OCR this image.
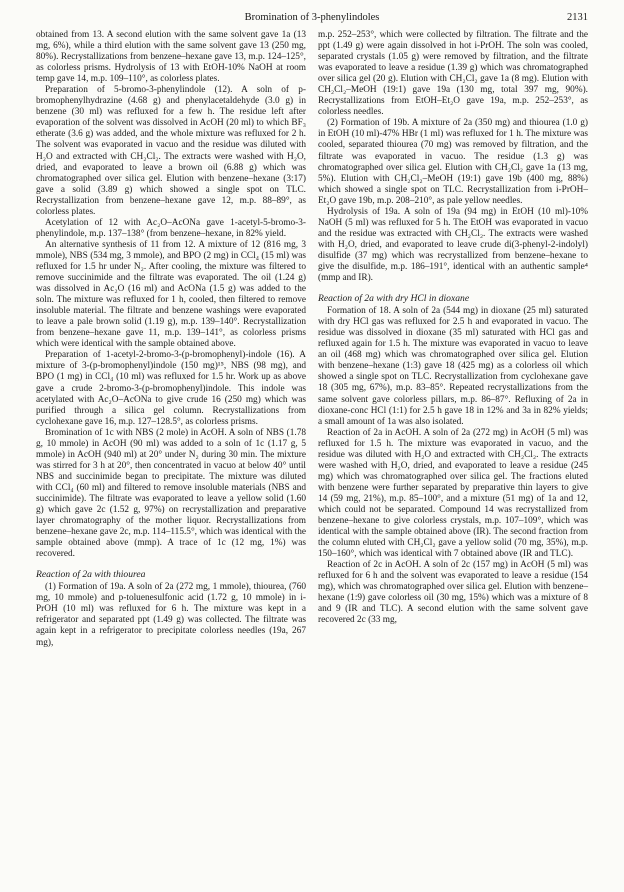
Bromination of 3-phenylindoles	2131

obtained from 13. A second elution with the same solvent gave 1a (13 mg, 6%), while a third elution with the same solvent gave 13 (250 mg, 80%). Recrystallizations from benzene–hexane gave 13, m.p. 124–125°, as colorless prisms. Hydrolysis of 13 with EtOH-10% NaOH at room temp gave 14, m.p. 109–110°, as colorless plates.

Preparation of 5-bromo-3-phenylindole (12). A soln of p-bromophenylhydrazine (4.68 g) and phenylacetaldehyde (3.0 g) in benzene (30 ml) was refluxed for a few h. The residue left after evaporation of the solvent was dissolved in AcOH (20 ml) to which BF₃ etherate (3.6 g) was added, and the whole mixture was refluxed for 2 h. The solvent was evaporated in vacuo and the residue was diluted with H₂O and extracted with CH₂Cl₂. The extracts were washed with H₂O, dried, and evaporated to leave a brown oil (6.88 g) which was chromatographed over silica gel. Elution with benzene–hexane (3:17) gave a solid (3.89 g) which showed a single spot on TLC. Recrystallization from benzene–hexane gave 12, m.p. 88–89°, as colorless plates.

Acetylation of 12 with Ac₂O–AcONa gave 1-acetyl-5-bromo-3-phenylindole, m.p. 137–138° (from benzene–hexane, in 82% yield.

An alternative synthesis of 11 from 12. A mixture of 12 (816 mg, 3 mmole), NBS (534 mg, 3 mmole), and BPO (2 mg) in CCl₄ (15 ml) was refluxed for 1.5 hr under N₂. After cooling, the mixture was filtered to remove succinimide and the filtrate was evaporated. The oil (1.24 g) was dissolved in Ac₂O (16 ml) and AcONa (1.5 g) was added to the soln. The mixture was refluxed for 1 h, cooled, then filtered to remove insoluble material. The filtrate and benzene washings were evaporated to leave a pale brown solid (1.19 g), m.p. 139–140°. Recrystallization from benzene–hexane gave 11, m.p. 139–141°, as colorless prisms which were identical with the sample obtained above.

Preparation of 1-acetyl-2-bromo-3-(p-bromophenyl)-indole (16). A mixture of 3-(p-bromophenyl)indole (150 mg)¹⁵, NBS (98 mg), and BPO (1 mg) in CCl₄ (10 ml) was refluxed for 1.5 hr. Work up as above gave a crude 2-bromo-3-(p-bromophenyl)indole. This indole was acetylated with Ac₂O–AcONa to give crude 16 (250 mg) which was purified through a silica gel column. Recrystallizations from cyclohexane gave 16, m.p. 127–128.5°, as colorless prisms.

Bromination of 1c with NBS (2 mole) in AcOH. A soln of NBS (1.78 g, 10 mmole) in AcOH (90 ml) was added to a soln of 1c (1.17 g, 5 mmole) in AcOH (940 ml) at 20° under N₂ during 30 min. The mixture was stirred for 3 h at 20°, then concentrated in vacuo at below 40° until NBS and succinimide began to precipitate. The mixture was diluted with CCl₄ (60 ml) and filtered to remove insoluble materials (NBS and succinimide). The filtrate was evaporated to leave a yellow solid (1.60 g) which gave 2c (1.52 g, 97%) on recrystallization and preparative layer chromatography of the mother liquor. Recrystallizations from benzene–hexane gave 2c, m.p. 114–115.5°, which was identical with the sample obtained above (mmp). A trace of 1c (12 mg, 1%) was recovered.

Reaction of 2a with thiourea

(1) Formation of 19a. A soln of 2a (272 mg, 1 mmole), thiourea, (760 mg, 10 mmole) and p-toluenesulfonic acid (1.72 g, 10 mmole) in i-PrOH (10 ml) was refluxed for 6 h. The mixture was kept in a refrigerator and separated ppt (1.49 g) was collected. The filtrate was again kept in a refrigerator to precipitate colorless needles (19a, 267 mg),

m.p. 252–253°, which were collected by filtration. The filtrate and the ppt (1.49 g) were again dissolved in hot i-PrOH. The soln was cooled, separated crystals (1.05 g) were removed by filtration, and the filtrate was evaporated to leave a residue (1.39 g) which was chromatographed over silica gel (20 g). Elution with CH₂Cl₂ gave 1a (8 mg). Elution with CH₂Cl₂–MeOH (19:1) gave 19a (130 mg, total 397 mg, 90%). Recrystallizations from EtOH–Et₂O gave 19a, m.p. 252–253°, as colorless needles.

(2) Formation of 19b. A mixture of 2a (350 mg) and thiourea (1.0 g) in EtOH (10 ml)-47% HBr (1 ml) was refluxed for 1 h. The mixture was cooled, separated thiourea (70 mg) was removed by filtration, and the filtrate was evaporated in vacuo. The residue (1.3 g) was chromatographed over silica gel. Elution with CH₂Cl₂ gave 1a (13 mg, 5%). Elution with CH₂Cl₂–MeOH (19:1) gave 19b (400 mg, 88%) which showed a single spot on TLC. Recrystallization from i-PrOH–Et₂O gave 19b, m.p. 208–210°, as pale yellow needles.

Hydrolysis of 19a. A soln of 19a (94 mg) in EtOH (10 ml)-10% NaOH (5 ml) was refluxed for 5 h. The EtOH was evaporated in vacuo and the residue was extracted with CH₂Cl₂. The extracts were washed with H₂O, dried, and evaporated to leave crude di(3-phenyl-2-indolyl) disulfide (37 mg) which was recrystallized from benzene–hexane to give the disulfide, m.p. 186–191°, identical with an authentic sample⁴ (mmp and IR).

Reaction of 2a with dry HCl in dioxane

Formation of 18. A soln of 2a (544 mg) in dioxane (25 ml) saturated with dry HCl gas was refluxed for 2.5 h and evaporated in vacuo. The residue was dissolved in dioxane (35 ml) saturated with HCl gas and refluxed again for 1.5 h. The mixture was evaporated in vacuo to leave an oil (468 mg) which was chromatographed over silica gel. Elution with benzene–hexane (1:3) gave 18 (425 mg) as a colorless oil which showed a single spot on TLC. Recrystallization from cyclohexane gave 18 (305 mg, 67%), m.p. 83–85°. Repeated recrystallizations from the same solvent gave colorless pillars, m.p. 86–87°. Refluxing of 2a in dioxane-conc HCl (1:1) for 2.5 h gave 18 in 12% and 3a in 82% yields; a small amount of 1a was also isolated.

Reaction of 2a in AcOH. A soln of 2a (272 mg) in AcOH (5 ml) was refluxed for 1.5 h. The mixture was evaporated in vacuo, and the residue was diluted with H₂O and extracted with CH₂Cl₂. The extracts were washed with H₂O, dried, and evaporated to leave a residue (245 mg) which was chromatographed over silica gel. The fractions eluted with benzene were further separated by preparative thin layers to give 14 (59 mg, 21%), m.p. 85–100°, and a mixture (51 mg) of 1a and 12, which could not be separated. Compound 14 was recrystallized from benzene–hexane to give colorless crystals, m.p. 107–109°, which was identical with the sample obtained above (IR). The second fraction from the column eluted with CH₂Cl₂ gave a yellow solid (70 mg, 35%), m.p. 150–160°, which was identical with 7 obtained above (IR and TLC).

Reaction of 2c in AcOH. A soln of 2c (157 mg) in AcOH (5 ml) was refluxed for 6 h and the solvent was evaporated to leave a residue (154 mg), which was chromatographed over silica gel. Elution with benzene–hexane (1:9) gave colorless oil (30 mg, 15%) which was a mixture of 8 and 9 (IR and TLC). A second elution with the same solvent gave recovered 2c (33 mg,
